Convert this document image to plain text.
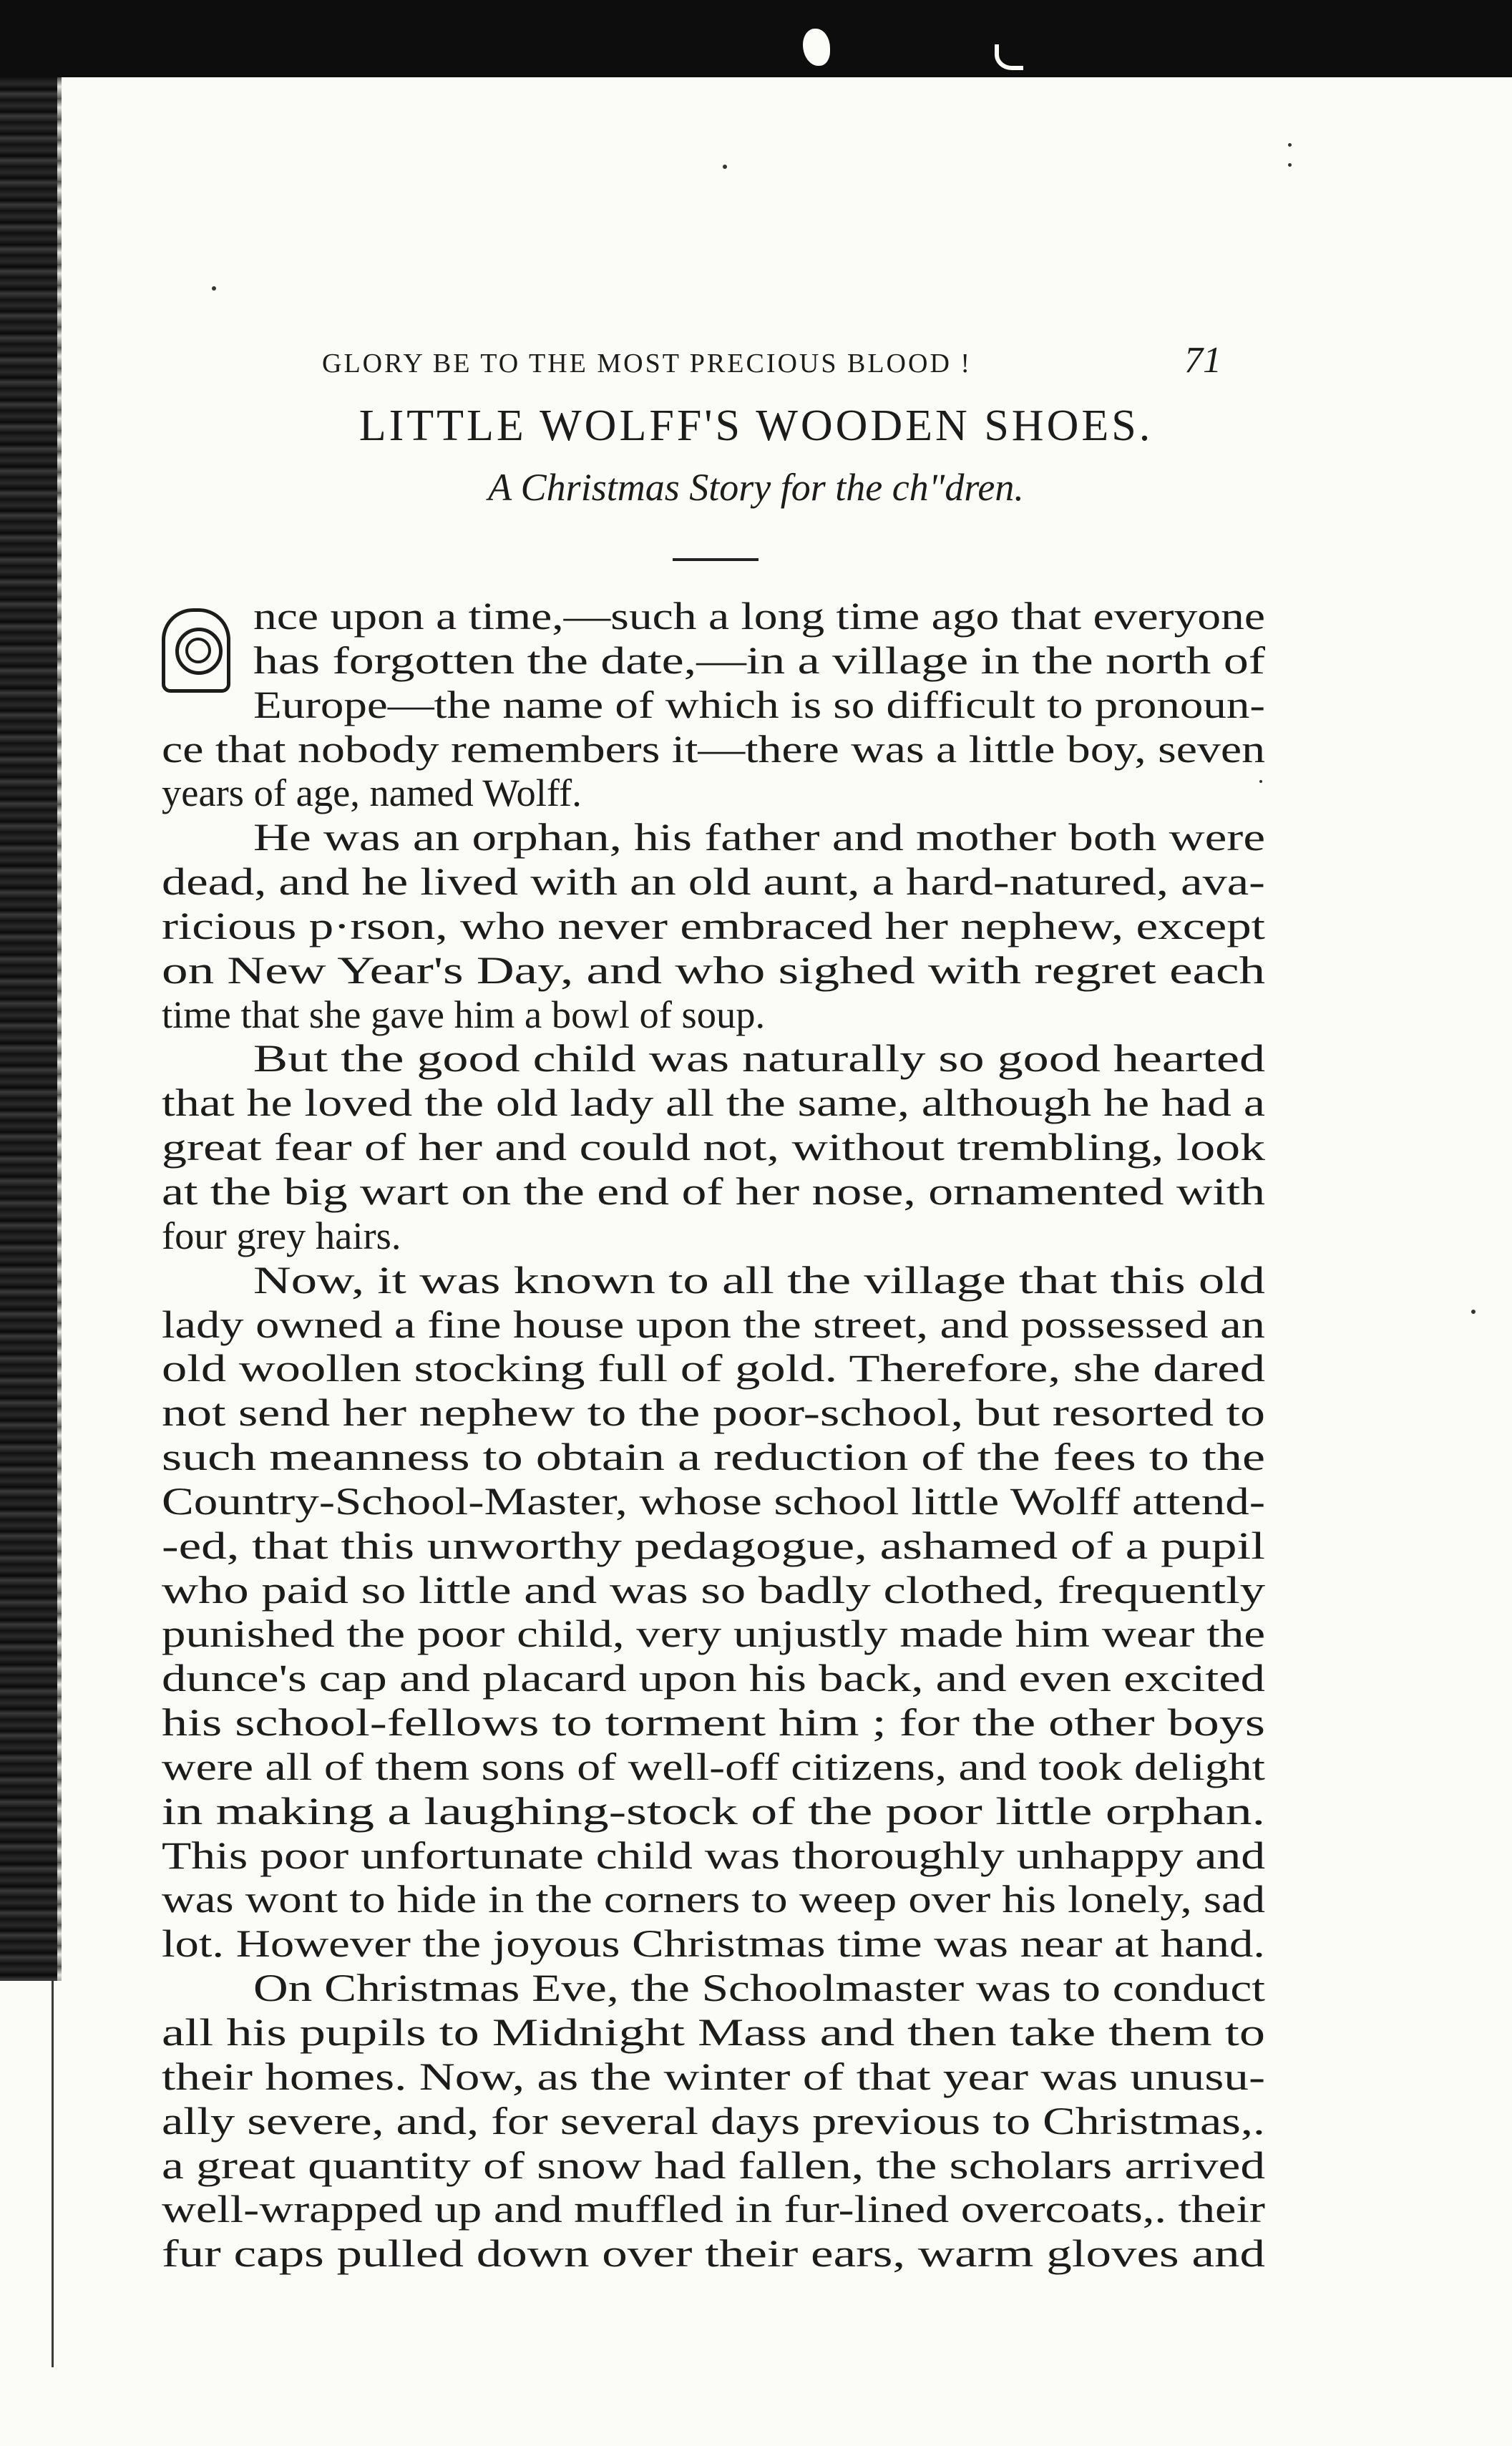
GLORY BE TO THE MOST PRECIOUS BLOOD !	71
LITTLE WOLFF'S WOODEN SHOES.
A Christmas Story for the ch"dren.
nce upon a time,—such a long time ago that everyone
has forgotten the date,—in a village in the north of
Europe—the name of which is so difficult to pronoun-
ce that nobody remembers it—there was a little boy, seven
years of age, named Wolff.
He was an orphan, his father and mother both were
dead, and he lived with an old aunt, a hard-natured, ava-
ricious p·rson, who never embraced her nephew, except
on New Year's Day, and who sighed with regret each
time that she gave him a bowl of soup.
But the good child was naturally so good hearted
that he loved the old lady all the same, although he had a
great fear of her and could not, without trembling, look
at the big wart on the end of her nose, ornamented with
four grey hairs.
Now, it was known to all the village that this old
lady owned a fine house upon the street, and possessed an
old woollen stocking full of gold. Therefore, she dared
not send her nephew to the poor-school, but resorted to
such meanness to obtain a reduction of the fees to the
Country-School-Master, whose school little Wolff attend-
-ed, that this unworthy pedagogue, ashamed of a pupil
who paid so little and was so badly clothed, frequently
punished the poor child, very unjustly made him wear the
dunce's cap and placard upon his back, and even excited
his school-fellows to torment him ; for the other boys
were all of them sons of well-off citizens, and took delight
in making a laughing-stock of the poor little orphan.
This poor unfortunate child was thoroughly unhappy and
was wont to hide in the corners to weep over his lonely, sad
lot. However the joyous Christmas time was near at hand.
On Christmas Eve, the Schoolmaster was to conduct
all his pupils to Midnight Mass and then take them to
their homes. Now, as the winter of that year was unusu-
ally severe, and, for several days previous to Christmas,.
a great quantity of snow had fallen, the scholars arrived
well-wrapped up and muffled in fur-lined overcoats,. their
fur caps pulled down over their ears, warm gloves and
